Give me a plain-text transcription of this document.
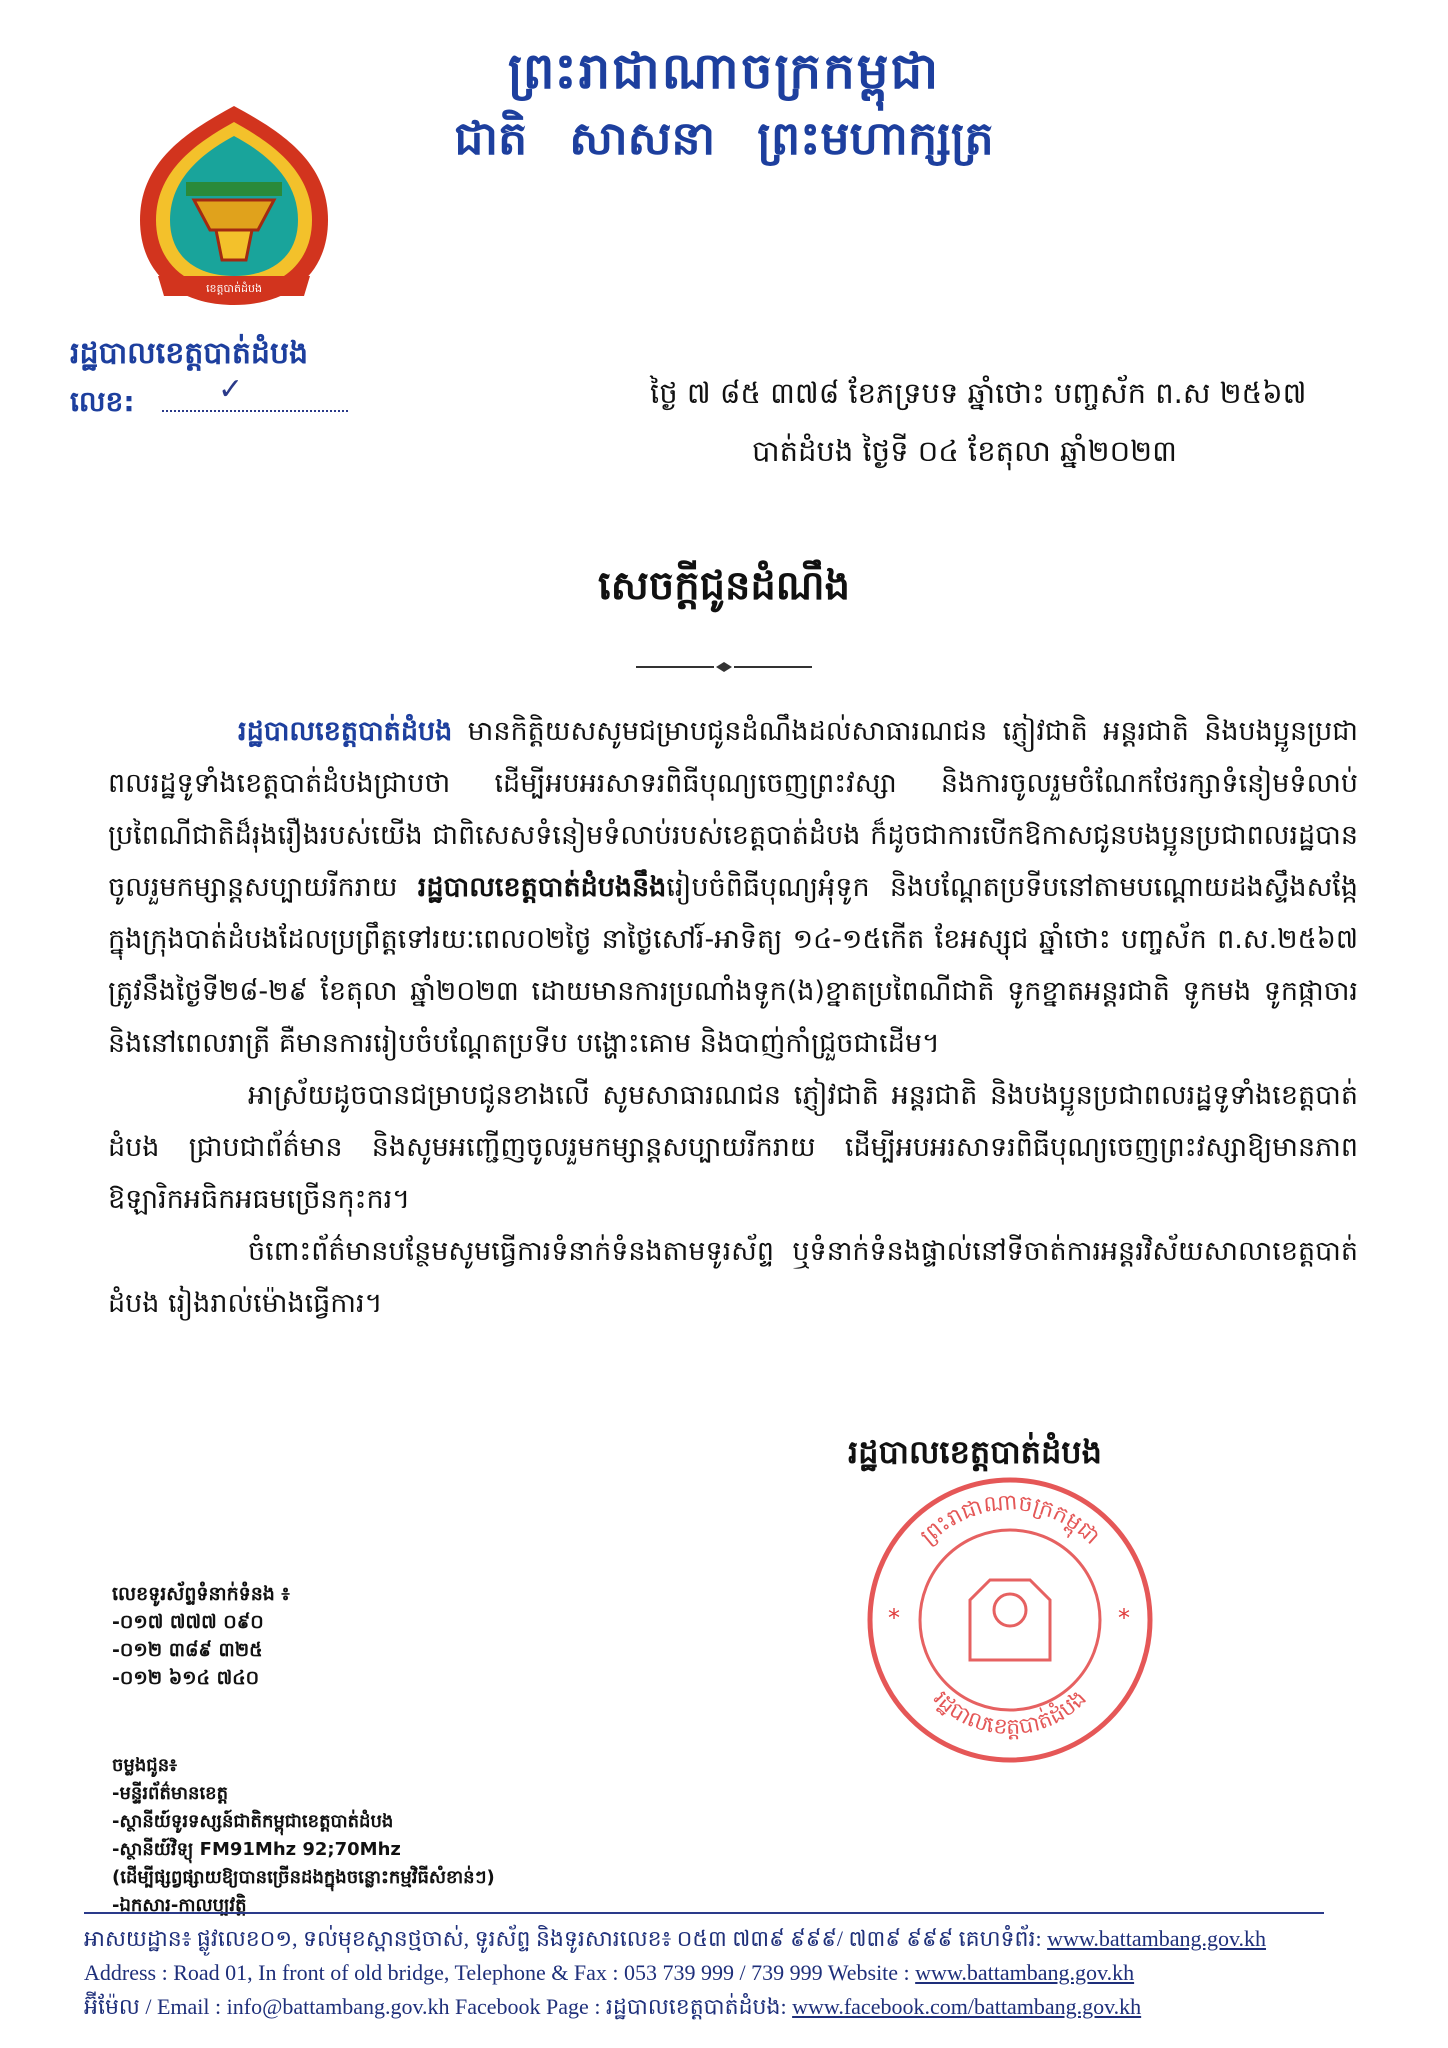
ព្រះរាជាណាចក្រកម្ពុជា
ជាតិ សាសនា ព្រះមហាក្សត្រ
ខេត្តបាត់ដំបង
រដ្ឋបាលខេត្តបាត់ដំបង
លេខ:	✓	ថ្ងៃ ៧ ៨៥ ៣៧៨ ខែភទ្របទ ឆ្នាំថោះ បញ្ចស័ក ព.ស ២៥៦៧
បាត់ដំបង ថ្ងៃទី ០៤ ខែតុលា ឆ្នាំ២០២៣
សេចក្តីជូនដំណឹង

រដ្ឋបាលខេត្តបាត់ដំបង មានកិត្តិយសសូមជម្រាបជូនដំណឹងដល់សាធារណជន ភ្ញៀវជាតិ អន្តរជាតិ និងបងប្អូនប្រជាពលរដ្ឋទូទាំងខេត្តបាត់ដំបងជ្រាបថា ដើម្បីអបអរសាទរពិធីបុណ្យចេញព្រះវស្សា និងការចូលរួមចំណែកថែរក្សាទំនៀមទំលាប់ប្រពៃណីជាតិដ៏រុងរឿងរបស់យើង ជាពិសេសទំនៀមទំលាប់របស់ខេត្តបាត់ដំបង ក៏ដូចជាការបើកឱកាសជូនបងប្អូនប្រជាពលរដ្ឋបានចូលរួមកម្សាន្តសប្បាយរីករាយ រដ្ឋបាលខេត្តបាត់ដំបងនឹងរៀបចំពិធីបុណ្យអុំទូក និងបណ្តែតប្រទីបនៅតាមបណ្តោយដងស្ទឹងសង្កែ ក្នុងក្រុងបាត់ដំបងដែលប្រព្រឹត្តទៅរយៈពេល០២ថ្ងៃ នាថ្ងៃសៅរ៍-អាទិត្យ ១៤-១៥កើត ខែអស្សុជ ឆ្នាំថោះ បញ្ចស័ក ព.ស.២៥៦៧ ត្រូវនឹងថ្ងៃទី២៨-២៩ ខែតុលា ឆ្នាំ២០២៣ ដោយមានការប្រណាំងទូក(ង)ខ្នាតប្រពៃណីជាតិ ទូកខ្នាតអន្តរជាតិ ទូកមង ទូកផ្កាចារ និងនៅពេលរាត្រី គឺមានការរៀបចំបណ្តែតប្រទីប បង្ហោះគោម និងបាញ់កាំជ្រួចជាដើម។

អាស្រ័យដូចបានជម្រាបជូនខាងលើ សូមសាធារណជន ភ្ញៀវជាតិ អន្តរជាតិ និងបងប្អូនប្រជាពលរដ្ឋទូទាំងខេត្តបាត់ដំបង ជ្រាបជាព័ត៌មាន និងសូមអញ្ជើញចូលរួមកម្សាន្តសប្បាយរីករាយ ដើម្បីអបអរសាទរពិធីបុណ្យចេញព្រះវស្សាឱ្យមានភាពឱឡារិកអធិកអធមច្រើនកុះករ។

ចំពោះព័ត៌មានបន្ថែមសូមធ្វើការទំនាក់ទំនងតាមទូរស័ព្ទ ឬទំនាក់ទំនងផ្ទាល់នៅទីចាត់ការអន្តរវិស័យសាលាខេត្តបាត់ដំបង រៀងរាល់ម៉ោងធ្វើការ។

រដ្ឋបាលខេត្តបាត់ដំបង
ព្រះរាជាណាចក្រកម្ពុជា
រដ្ឋបាលខេត្តបាត់ដំបង
*	*
លេខទូរស័ព្ទទំនាក់ទំនង ៖
-០១៧ ៧៧៧ ០៩០
-០១២ ៣៨៩ ៣២៥
-០១២ ៦១៤ ៧៤០
ចម្លងជូន៖
-មន្ទីរព័ត៌មានខេត្ត
-ស្ថានីយ៍ទូរទស្សន៍ជាតិកម្ពុជាខេត្តបាត់ដំបង
-ស្ថានីយ៍វិទ្យុ FM91Mhz 92;70Mhz
(ដើម្បីផ្សព្វផ្សាយឱ្យបានច្រើនដងក្នុងចន្លោះកម្មវិធីសំខាន់ៗ)
-ឯកសារ-កាលប្បវត្តិ
អាសយដ្ឋាន៖ ផ្លូវលេខ០១, ទល់មុខស្ពានថ្មចាស់, ទូរស័ព្ទ និងទូរសារលេខ៖ ០៥៣ ៧៣៩ ៩៩៩/ ៧៣៩ ៩៩៩ គេហទំព័រ: www.battambang.gov.kh
Address : Road 01, In front of old bridge, Telephone & Fax : 053 739 999 / 739 999 Website : www.battambang.gov.kh
អ៊ីម៉ែល / Email : info@battambang.gov.kh Facebook Page : រដ្ឋបាលខេត្តបាត់ដំបង: www.facebook.com/battambang.gov.kh
